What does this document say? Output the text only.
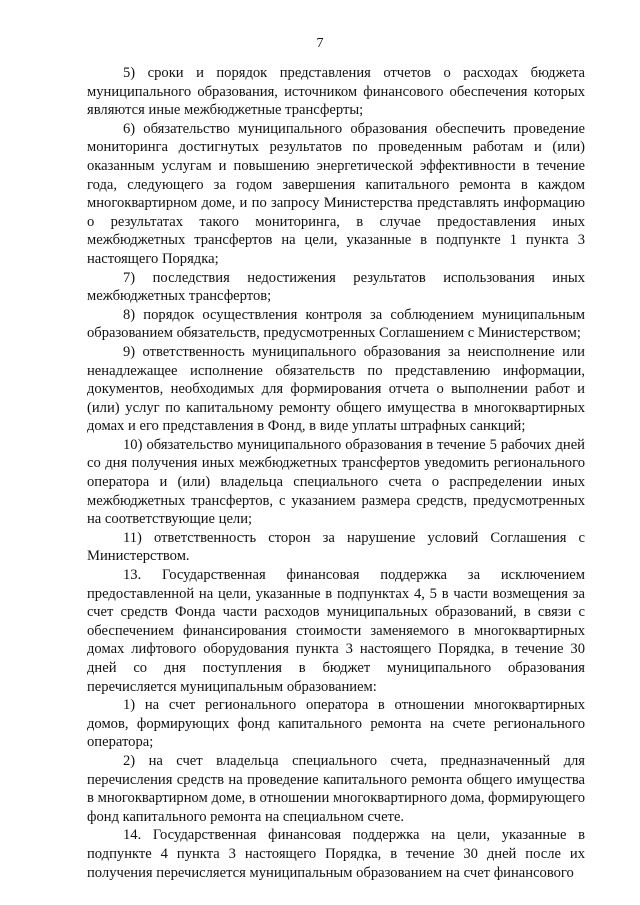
7

5) сроки и порядок представления отчетов о расходах бюджета муниципального образования, источником финансового обеспечения которых являются иные межбюджетные трансферты;

6) обязательство муниципального образования обеспечить проведение мониторинга достигнутых результатов по проведенным работам и (или) оказанным услугам и повышению энергетической эффективности в течение года, следующего за годом завершения капитального ремонта в каждом многоквартирном доме, и по запросу Министерства представлять информацию о результатах такого мониторинга, в случае предоставления иных межбюджетных трансфертов на цели, указанные в подпункте 1 пункта 3 настоящего Порядка;

7) последствия недостижения результатов использования иных межбюджетных трансфертов;

8) порядок осуществления контроля за соблюдением муниципальным образованием обязательств, предусмотренных Соглашением с Министерством;

9) ответственность муниципального образования за неисполнение или ненадлежащее исполнение обязательств по представлению информации, документов, необходимых для формирования отчета о выполнении работ и (или) услуг по капитальному ремонту общего имущества в многоквартирных домах и его представления в Фонд, в виде уплаты штрафных санкций;

10) обязательство муниципального образования в течение 5 рабочих дней со дня получения иных межбюджетных трансфертов уведомить регионального оператора и (или) владельца специального счета о распределении иных межбюджетных трансфертов, с указанием размера средств, предусмотренных на соответствующие цели;

11) ответственность сторон за нарушение условий Соглашения с Министерством.

13. Государственная финансовая поддержка за исключением предоставленной на цели, указанные в подпунктах 4, 5 в части возмещения за счет средств Фонда части расходов муниципальных образований, в связи с обеспечением финансирования стоимости заменяемого в многоквартирных домах лифтового оборудования пункта 3 настоящего Порядка, в течение 30 дней со дня поступления в бюджет муниципального образования перечисляется муниципальным образованием:

1) на счет регионального оператора в отношении многоквартирных домов, формирующих фонд капитального ремонта на счете регионального оператора;

2) на счет владельца специального счета, предназначенный для перечисления средств на проведение капитального ремонта общего имущества в многоквартирном доме, в отношении многоквартирного дома, формирующего фонд капитального ремонта на специальном счете.

14. Государственная финансовая поддержка на цели, указанные в подпункте 4 пункта 3 настоящего Порядка, в течение 30 дней после их получения перечисляется муниципальным образованием на счет финансового
